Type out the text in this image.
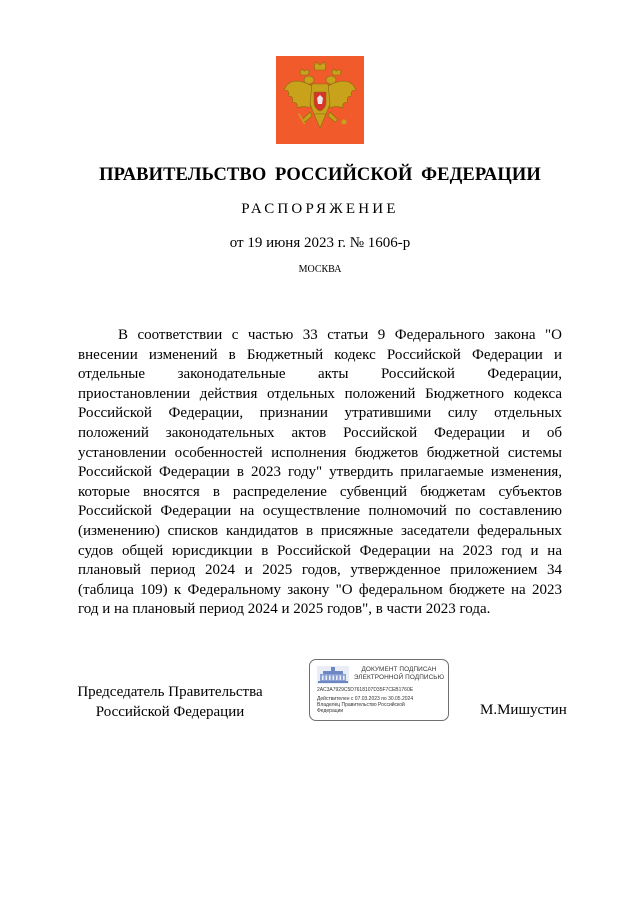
ПРАВИТЕЛЬСТВО РОССИЙСКОЙ ФЕДЕРАЦИИ
РАСПОРЯЖЕНИЕ
от 19 июня 2023 г. № 1606-р
МОСКВА

В соответствии с частью 33 статьи 9 Федерального закона "О внесении изменений в Бюджетный кодекс Российской Федерации и отдельные законодательные акты Российской Федерации, приостановлении действия отдельных положений Бюджетного кодекса Российской Федерации, признании утратившими силу отдельных положений законодательных актов Российской Федерации и об установлении особенностей исполнения бюджетов бюджетной системы Российской Федерации в 2023 году" утвердить прилагаемые изменения, которые вносятся в распределение субвенций бюджетам субъектов Российской Федерации на осуществление полномочий по составлению (изменению) списков кандидатов в присяжные заседатели федеральных судов общей юрисдикции в Российской Федерации на 2023 год и на плановый период 2024 и 2025 годов, утвержденное приложением 34 (таблица 109) к Федеральному закону "О федеральном бюджете на 2023 год и на плановый период 2024 и 2025 годов", в части 2023 года.

Председатель Правительства
Российской Федерации
ДОКУМЕНТ ПОДПИСАН
ЭЛЕКТРОННОЙ ПОДПИСЬЮ
2АС3А7929С5D7618107D35F7СЕВ1760Е
Действителен с 07.03.2023 по 30.05.2024
Владелец Правительство Российской
Федерации	М.Мишустин
